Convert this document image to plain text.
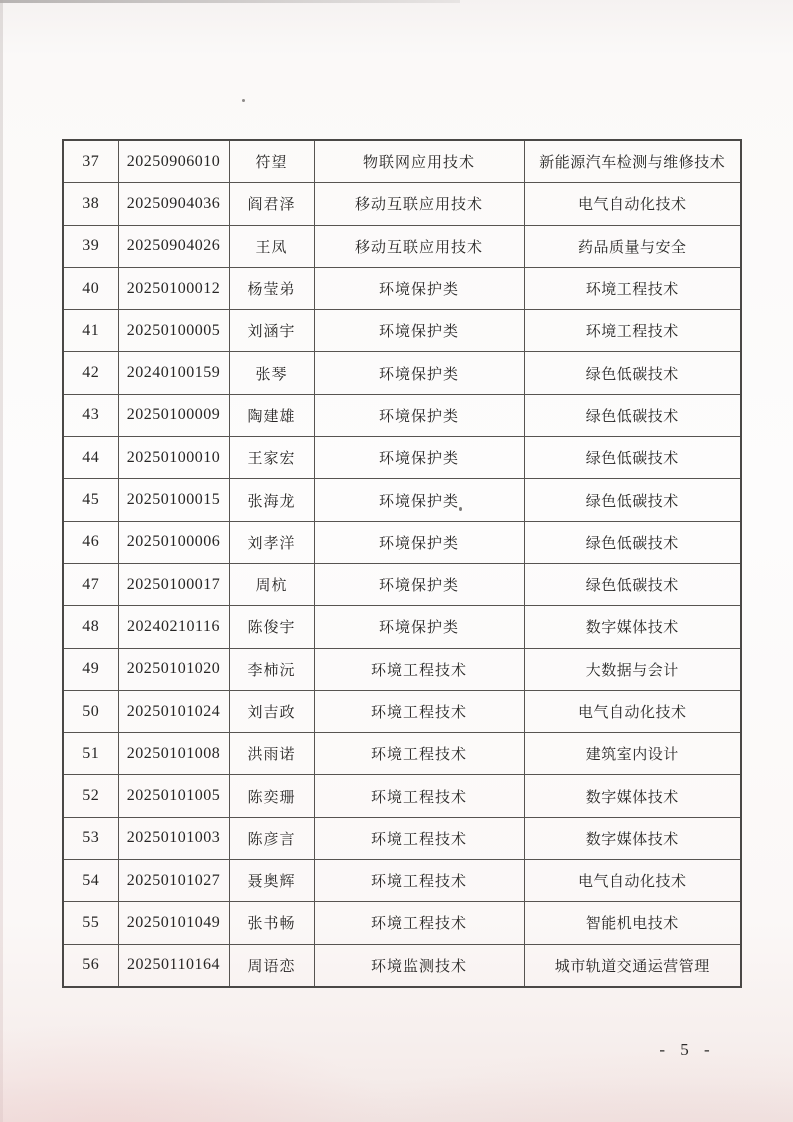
37	20250906010	符望	物联网应用技术	新能源汽车检测与维修技术
38	20250904036	阎君泽	移动互联应用技术	电气自动化技术
39	20250904026	王凤	移动互联应用技术	药品质量与安全
40	20250100012	杨莹弟	环境保护类	环境工程技术
41	20250100005	刘涵宇	环境保护类	环境工程技术
42	20240100159	张琴	环境保护类	绿色低碳技术
43	20250100009	陶建雄	环境保护类	绿色低碳技术
44	20250100010	王家宏	环境保护类	绿色低碳技术
45	20250100015	张海龙	环境保护类	绿色低碳技术
46	20250100006	刘孝洋	环境保护类	绿色低碳技术
47	20250100017	周杭	环境保护类	绿色低碳技术
48	20240210116	陈俊宇	环境保护类	数字媒体技术
49	20250101020	李柿沅	环境工程技术	大数据与会计
50	20250101024	刘吉政	环境工程技术	电气自动化技术
51	20250101008	洪雨诺	环境工程技术	建筑室内设计
52	20250101005	陈奕珊	环境工程技术	数字媒体技术
53	20250101003	陈彦言	环境工程技术	数字媒体技术
54	20250101027	聂奥辉	环境工程技术	电气自动化技术
55	20250101049	张书畅	环境工程技术	智能机电技术
56	20250110164	周语恋	环境监测技术	城市轨道交通运营管理
- 5 -
